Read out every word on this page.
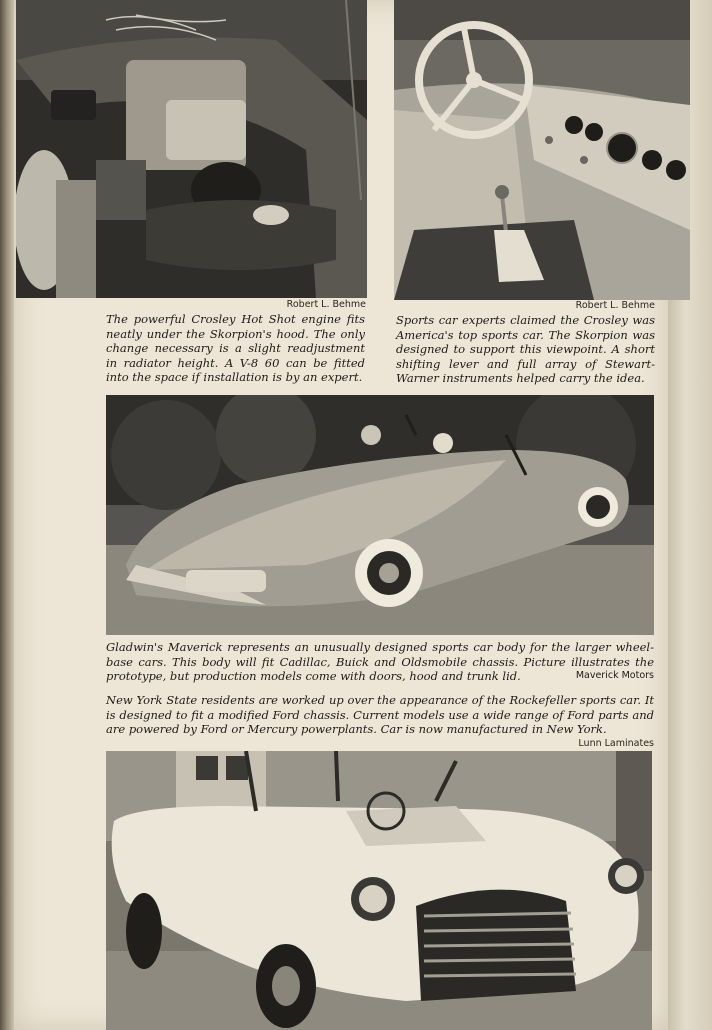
Robert L. Behme	Robert L. Behme
The powerful Crosley Hot Shot engine fits neatly under the Skorpion's hood. The only change necessary is a slight readjustment in radiator height. A V-8 60 can be fitted into the space if installation is by an expert.
Sports car experts claimed the Crosley was America's top sports car. The Skorpion was designed to support this viewpoint. A short shifting lever and full array of Stewart-Warner instruments helped carry the idea.
Gladwin's Maverick represents an unusually designed sports car body for the larger wheel-base cars. This body will fit Cadillac, Buick and Oldsmobile chassis. Picture illustrates the prototype, but production models come with doors, hood and trunk lid.	Maverick Motors
New York State residents are worked up over the appearance of the Rockefeller sports car. It is designed to fit a modified Ford chassis. Current models use a wide range of Ford parts and are powered by Ford or Mercury powerplants. Car is now manufactured in New York.
Lunn Laminates
